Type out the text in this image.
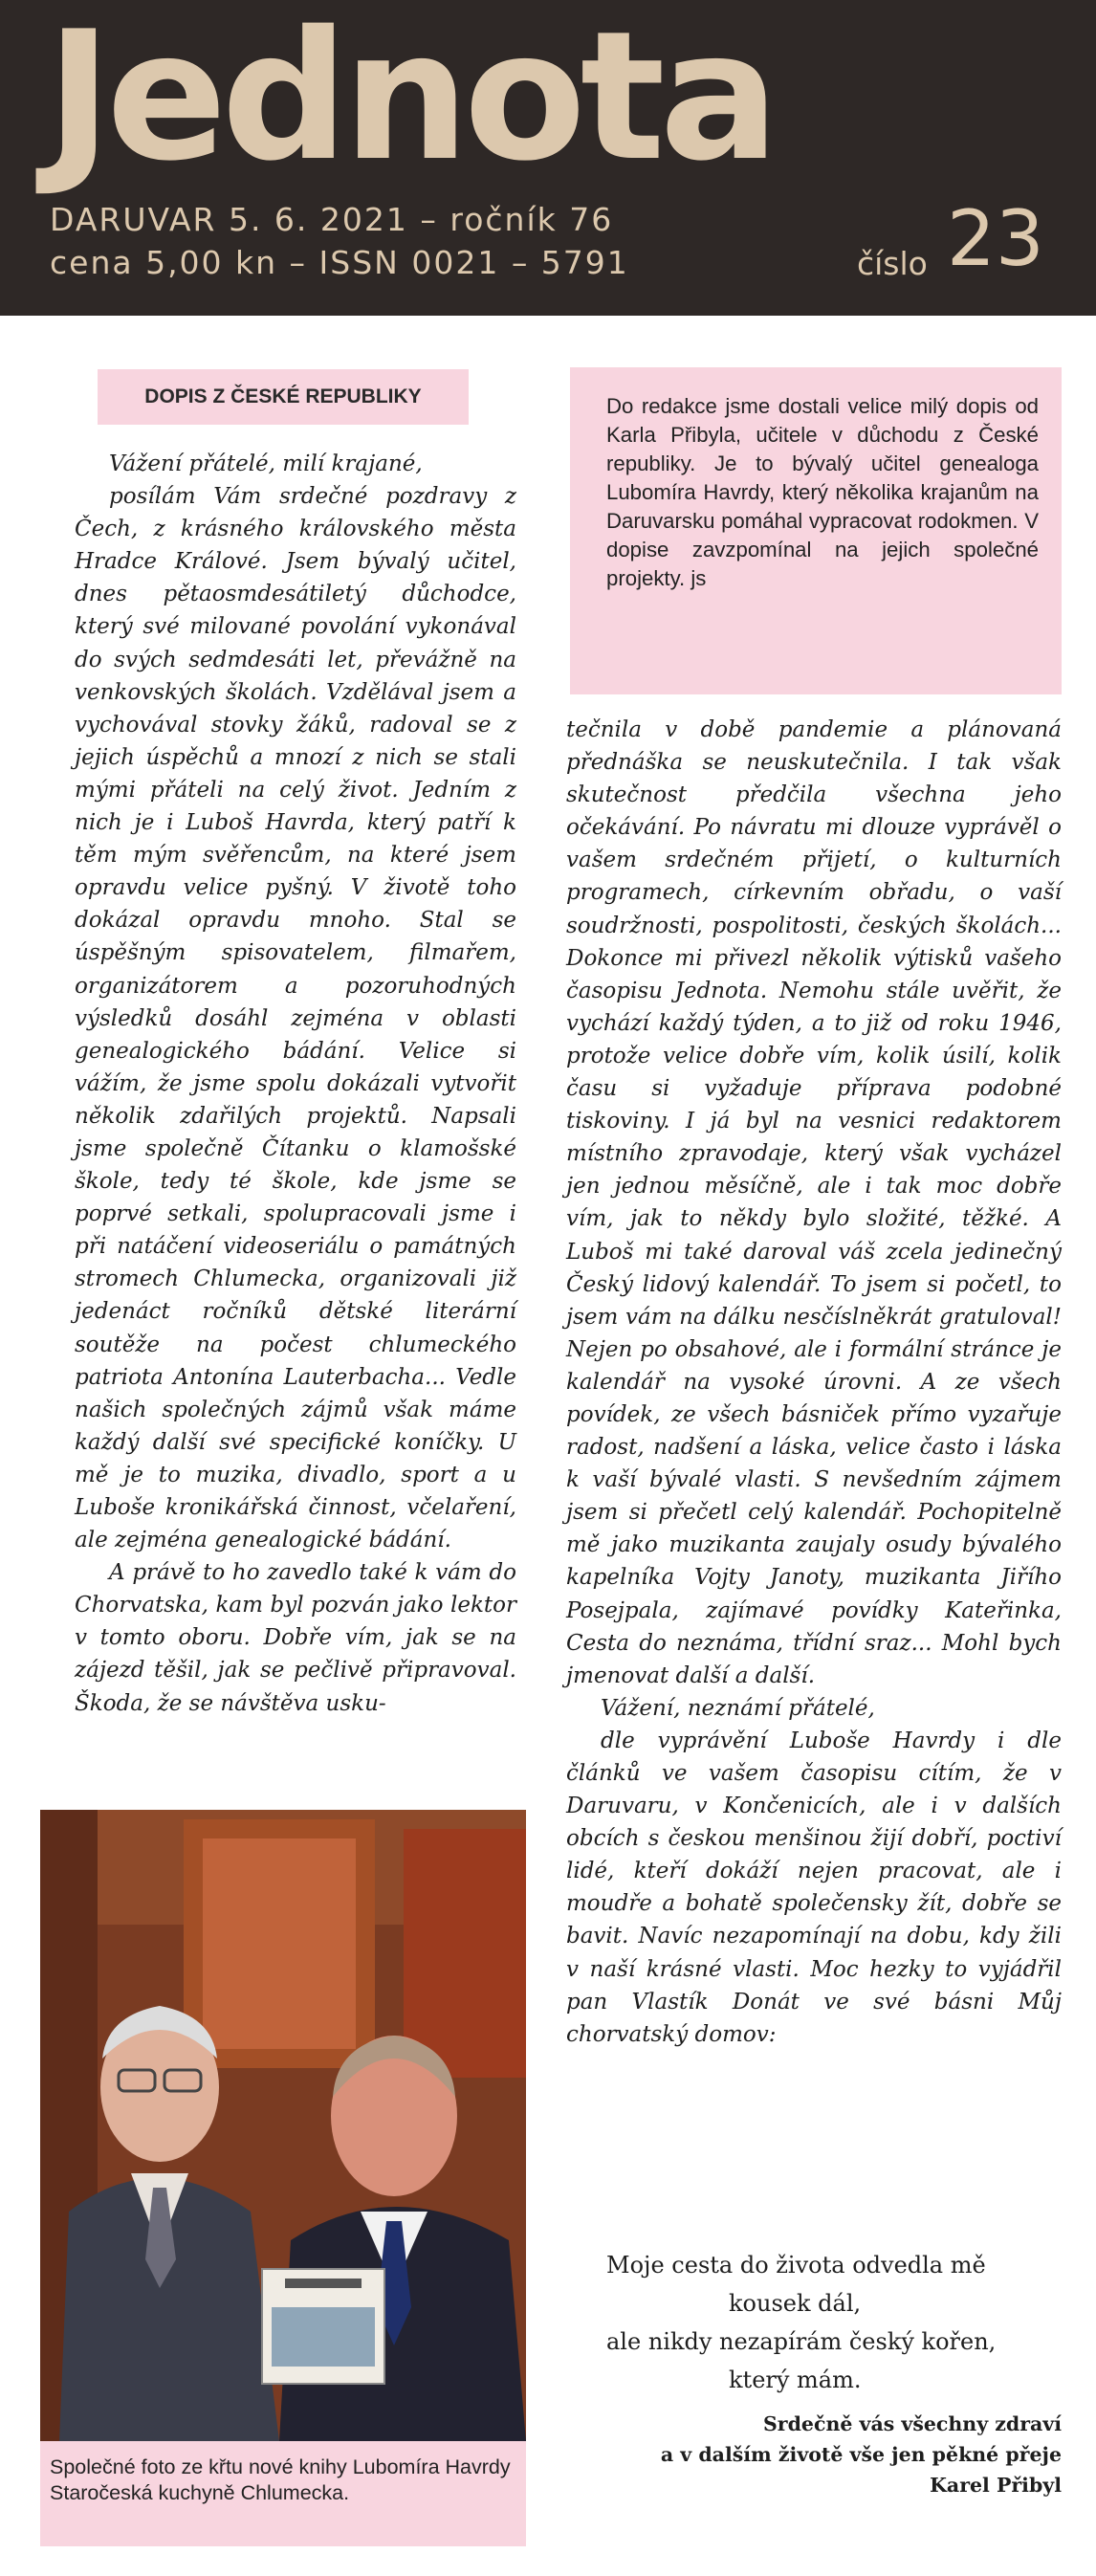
Jednota
DARUVAR 5. 6. 2021 – ročník 76
cena 5,00 kn – ISSN 0021 – 5791	číslo 23
DOPIS Z ČESKÉ REPUBLIKY	Do redakce jsme dostali velice milý dopis od Karla Přibyla, učitele v důchodu z České republiky. Je to bývalý učitel genealoga Lubomíra Havrdy, který několika krajanům na Daruvarsku pomáhal vypracovat rodokmen. V dopise zavzpomínal na jejich společné projekty. js

Vážení přátelé, milí krajané,

posílám Vám srdečné pozdravy z Čech, z krásného královského města Hradce Králové. Jsem bývalý učitel, dnes pětaosmdesátiletý důchodce, který své milované povolání vykonával do svých sedmdesáti let, převážně na venkovských školách. Vzdělával jsem a vychovával stovky žáků, radoval se z jejich úspěchů a mnozí z nich se stali mými přáteli na celý život. Jedním z nich je i Luboš Havrda, který patří k těm mým svěřencům, na které jsem opravdu velice pyšný. V životě toho dokázal opravdu mnoho. Stal se úspěšným spisovatelem, filmařem, organizátorem a pozoruhodných výsledků dosáhl zejména v oblasti genealogického bádání. Velice si vážím, že jsme spolu dokázali vytvořit několik zdařilých projektů. Napsali jsme společně Čítanku o klamošské škole, tedy té škole, kde jsme se poprvé setkali, spolupracovali jsme i při natáčení videoseriálu o památných stromech Chlumecka, organizovali již jedenáct ročníků dětské literární soutěže na počest chlumeckého patriota Antonína Lauterbacha... Vedle našich společných zájmů však máme každý další své specifické koníčky. U mě je to muzika, divadlo, sport a u Luboše kronikářská činnost, včelaření, ale zejména genealogické bádání.

A právě to ho zavedlo také k vám do Chorvatska, kam byl pozván jako lektor v tomto oboru. Dobře vím, jak se na zájezd těšil, jak se pečlivě připravoval. Škoda, že se návštěva usku-

tečnila v době pandemie a plánovaná přednáška se neuskutečnila. I tak však skutečnost předčila všechna jeho očekávání. Po návratu mi dlouze vyprávěl o vašem srdečném přijetí, o kulturních programech, církevním obřadu, o vaší soudržnosti, pospolitosti, českých školách... Dokonce mi přivezl několik výtisků vašeho časopisu Jednota. Nemohu stále uvěřit, že vychází každý týden, a to již od roku 1946, protože velice dobře vím, kolik úsilí, kolik času si vyžaduje příprava podobné tiskoviny. I já byl na vesnici redaktorem místního zpravodaje, který však vycházel jen jednou měsíčně, ale i tak moc dobře vím, jak to někdy bylo složité, těžké. A Luboš mi také daroval váš zcela jedinečný Český lidový kalendář. To jsem si početl, to jsem vám na dálku nesčíslněkrát gratuloval! Nejen po obsahové, ale i formální stránce je kalendář na vysoké úrovni. A ze všech povídek, ze všech básniček přímo vyzařuje radost, nadšení a láska, velice často i láska k vaší bývalé vlasti. S nevšedním zájmem jsem si přečetl celý kalendář. Pochopitelně mě jako muzikanta zaujaly osudy bývalého kapelníka Vojty Janoty, muzikanta Jiřího Posejpala, zajímavé povídky Kateřinka, Cesta do neznáma, třídní sraz... Mohl bych jmenovat další a další.

Vážení, neznámí přátelé,

dle vyprávění Luboše Havrdy i dle článků ve vašem časopisu cítím, že v Daruvaru, v Končenicích, ale i v dalších obcích s českou menšinou žijí dobří, poctiví lidé, kteří dokáží nejen pracovat, ale i moudře a bohatě společensky žít, dobře se bavit. Navíc nezapomínají na dobu, kdy žili v naší krásné vlasti. Moc hezky to vyjádřil pan Vlastík Donát ve své básni Můj chorvatský domov:

Společné foto ze křtu nové knihy Lubomíra Havrdy Staročeská kuchyně Chlumecka.
Moje cesta do života odvedla mě
kousek dál,
ale nikdy nezapírám český kořen,
který mám.
Srdečně vás všechny zdraví
a v dalším životě vše jen pěkné přeje
Karel Přibyl
